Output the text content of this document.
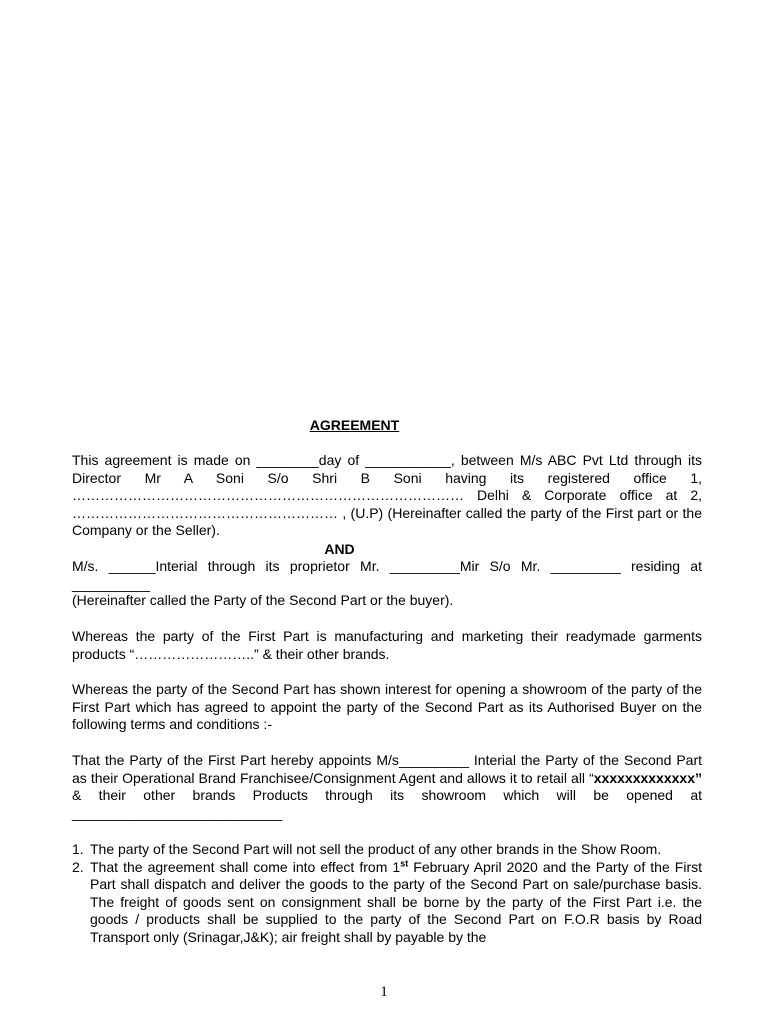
AGREEMENT

This agreement is made on ________day of ___________, between M/s ABC Pvt Ltd through its Director Mr A Soni S/o Shri B Soni having its registered office 1, ………………………………………………………………………… Delhi & Corporate office at 2, ………………………………………………… , (U.P) (Hereinafter called the party of the First part or the Company or the Seller).

AND

M/s. ______Interial through its proprietor Mr. _________Mir S/o Mr. _________ residing at __________

(Hereinafter called the Party of the Second Part or the buyer).

Whereas the party of the First Part is manufacturing and marketing their readymade garments products “……………………..” & their other brands.

Whereas the party of the Second Part has shown interest for opening a showroom of the party of the First Part which has agreed to appoint the party of the Second Part as its Authorised Buyer on the following terms and conditions :-

That the Party of the First Part hereby appoints M/s_________ Interial the Party of the Second Part as their Operational Brand Franchisee/Consignment Agent and allows it to retail all “xxxxxxxxxxxxx” & their other brands Products through its showroom which will be opened at ___________________________

1. The party of the Second Part will not sell the product of any other brands in the Show Room.
2. That the agreement shall come into effect from 1st February April 2020 and the Party of the First Part shall dispatch and deliver the goods to the party of the Second Part on sale/purchase basis. The freight of goods sent on consignment shall be borne by the party of the First Part i.e. the goods / products shall be supplied to the party of the Second Part on F.O.R basis by Road Transport only (Srinagar,J&K); air freight shall by payable by the
1
